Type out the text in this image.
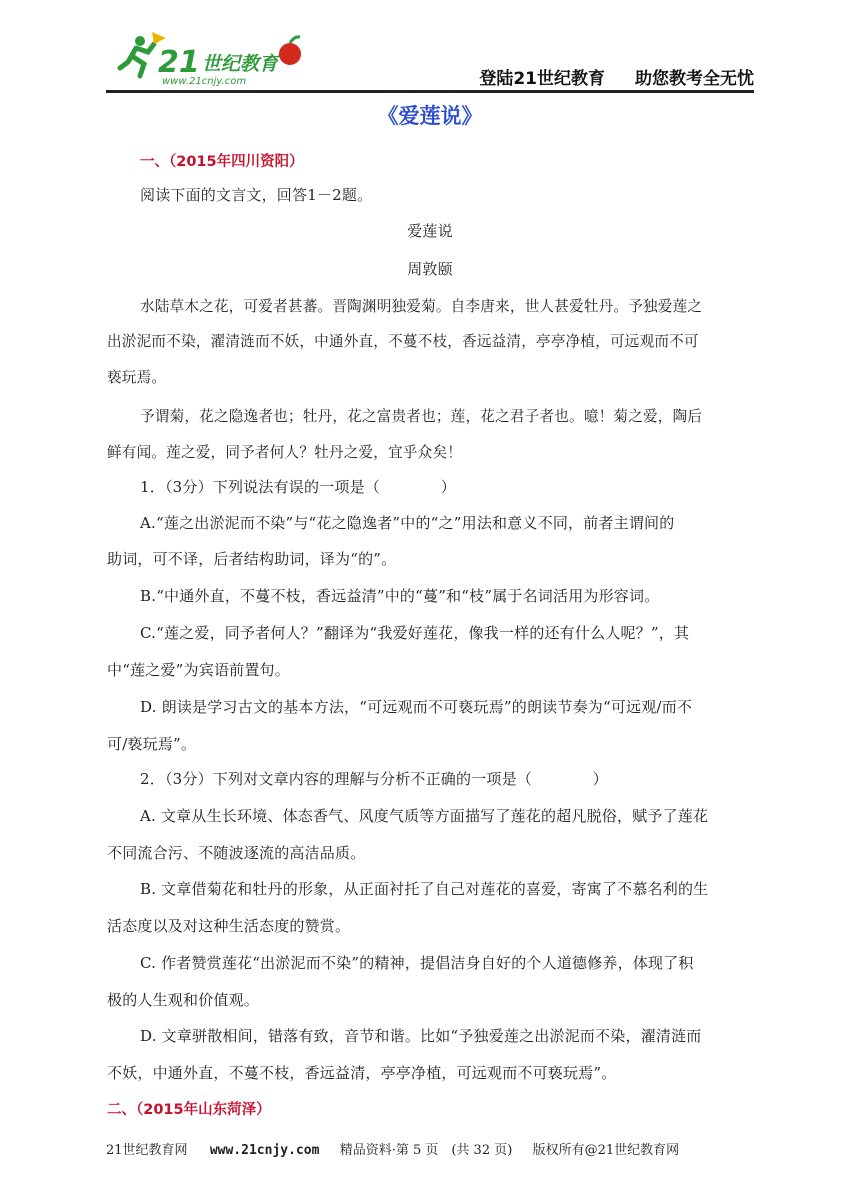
21 世纪教育
www.21cnjy.com	登陆21世纪教育 助您教考全无忧
《爱莲说》
一、（2015年四川资阳）
阅读下面的文言文，回答1－2题。
爱莲说
周敦颐
水陆草木之花，可爱者甚蕃。晋陶渊明独爱菊。自李唐来，世人甚爱牡丹。予独爱莲之
出淤泥而不染，濯清涟而不妖，中通外直，不蔓不枝，香远益清，亭亭净植，可远观而不可
亵玩焉。
予谓菊，花之隐逸者也；牡丹，花之富贵者也；莲，花之君子者也。噫！菊之爱，陶后
鲜有闻。莲之爱，同予者何人？牡丹之爱，宜乎众矣！
1．（3分）下列说法有误的一项是（　　　　）
A.“莲之出淤泥而不染”与“花之隐逸者”中的“之”用法和意义不同，前者主谓间的
助词，可不译，后者结构助词，译为“的”。
B.“中通外直，不蔓不枝，香远益清”中的“蔓”和“枝”属于名词活用为形容词。
C.“莲之爱，同予者何人？”翻译为“我爱好莲花，像我一样的还有什么人呢？”，其
中“莲之爱”为宾语前置句。
D. 朗读是学习古文的基本方法，“可远观而不可亵玩焉”的朗读节奏为“可远观/而不
可/亵玩焉”。
2．（3分）下列对文章内容的理解与分析不正确的一项是（　　　　）
A. 文章从生长环境、体态香气、风度气质等方面描写了莲花的超凡脱俗，赋予了莲花
不同流合污、不随波逐流的高洁品质。
B. 文章借菊花和牡丹的形象，从正面衬托了自己对莲花的喜爱，寄寓了不慕名利的生
活态度以及对这种生活态度的赞赏。
C. 作者赞赏莲花“出淤泥而不染”的精神，提倡洁身自好的个人道德修养，体现了积
极的人生观和价值观。
D. 文章骈散相间，错落有致，音节和谐。比如“予独爱莲之出淤泥而不染，濯清涟而
不妖，中通外直，不蔓不枝，香远益清，亭亭净植，可远观而不可亵玩焉”。
二、（2015年山东菏泽）
21世纪教育网 www.21cnjy.com 精品资料·第 5 页　(共 32 页) 版权所有@21世纪教育网
